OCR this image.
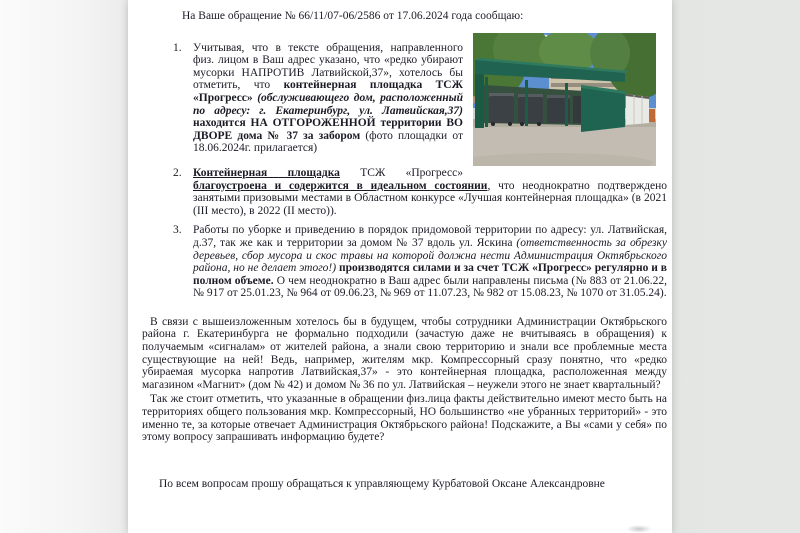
На Ваше обращение № 66/11/07-06/2586 от 17.06.2024 года сообщаю:

1. Учитывая, что в тексте обращения, направленного физ. лицом в Ваш адрес указано, что «редко убирают мусорки НАПРОТИВ Латвийской,37», хотелось бы отметить, что контейнерная площадка ТСЖ «Прогресс» (обслуживающего дом, расположенный по адресу: г. Екатеринбург, ул. Латвийская,37) находится НА ОТГОРОЖЕННОЙ территории ВО ДВОРЕ дома № 37 за забором (фото площадки от 18.06.2024г. прилагается)
2. Контейнерная площадка ТСЖ «Прогресс» благоустроена и содержится в идеальном состоянии, что неоднократно подтверждено занятыми призовыми местами в Областном конкурсе «Лучшая контейнерная площадка» (в 2021 (III место), в 2022 (II место)).
3. Работы по уборке и приведению в порядок придомовой территории по адресу: ул. Латвийская, д.37, так же как и территории за домом № 37 вдоль ул. Яскина (ответственность за обрезку деревьев, сбор мусора и скос травы на которой должна нести Администрация Октябрьского района, но не делает этого!) производятся силами и за счет ТСЖ «Прогресс» регулярно и в полном объеме. О чем неоднократно в Ваш адрес были направлены письма (№ 883 от 21.06.22, № 917 от 25.01.23, № 964 от 09.06.23, № 969 от 11.07.23, № 982 от 15.08.23, № 1070 от 31.05.24).

В связи с вышеизложенным хотелось бы в будущем, чтобы сотрудники Администрации Октябрьского района г. Екатеринбурга не формально подходили (зачастую даже не вчитываясь в обращения) к получаемым «сигналам» от жителей района, а знали свою территорию и знали все проблемные места существующие на ней! Ведь, например, жителям мкр. Компрессорный сразу понятно, что «редко убираемая мусорка напротив Латвийская,37» - это контейнерная площадка, расположенная между магазином «Магнит» (дом № 42) и домом № 36 по ул. Латвийская – неужели этого не знает квартальный?

Так же стоит отметить, что указанные в обращении физ.лица факты действительно имеют место быть на территориях общего пользования мкр. Компрессорный, НО большинство «не убранных территорий» - это именно те, за которые отвечает Администрация Октябрьского района! Подскажите, а Вы «сами у себя» по этому вопросу запрашивать информацию будете?

По всем вопросам прошу обращаться к управляющему Курбатовой Оксане Александровне
